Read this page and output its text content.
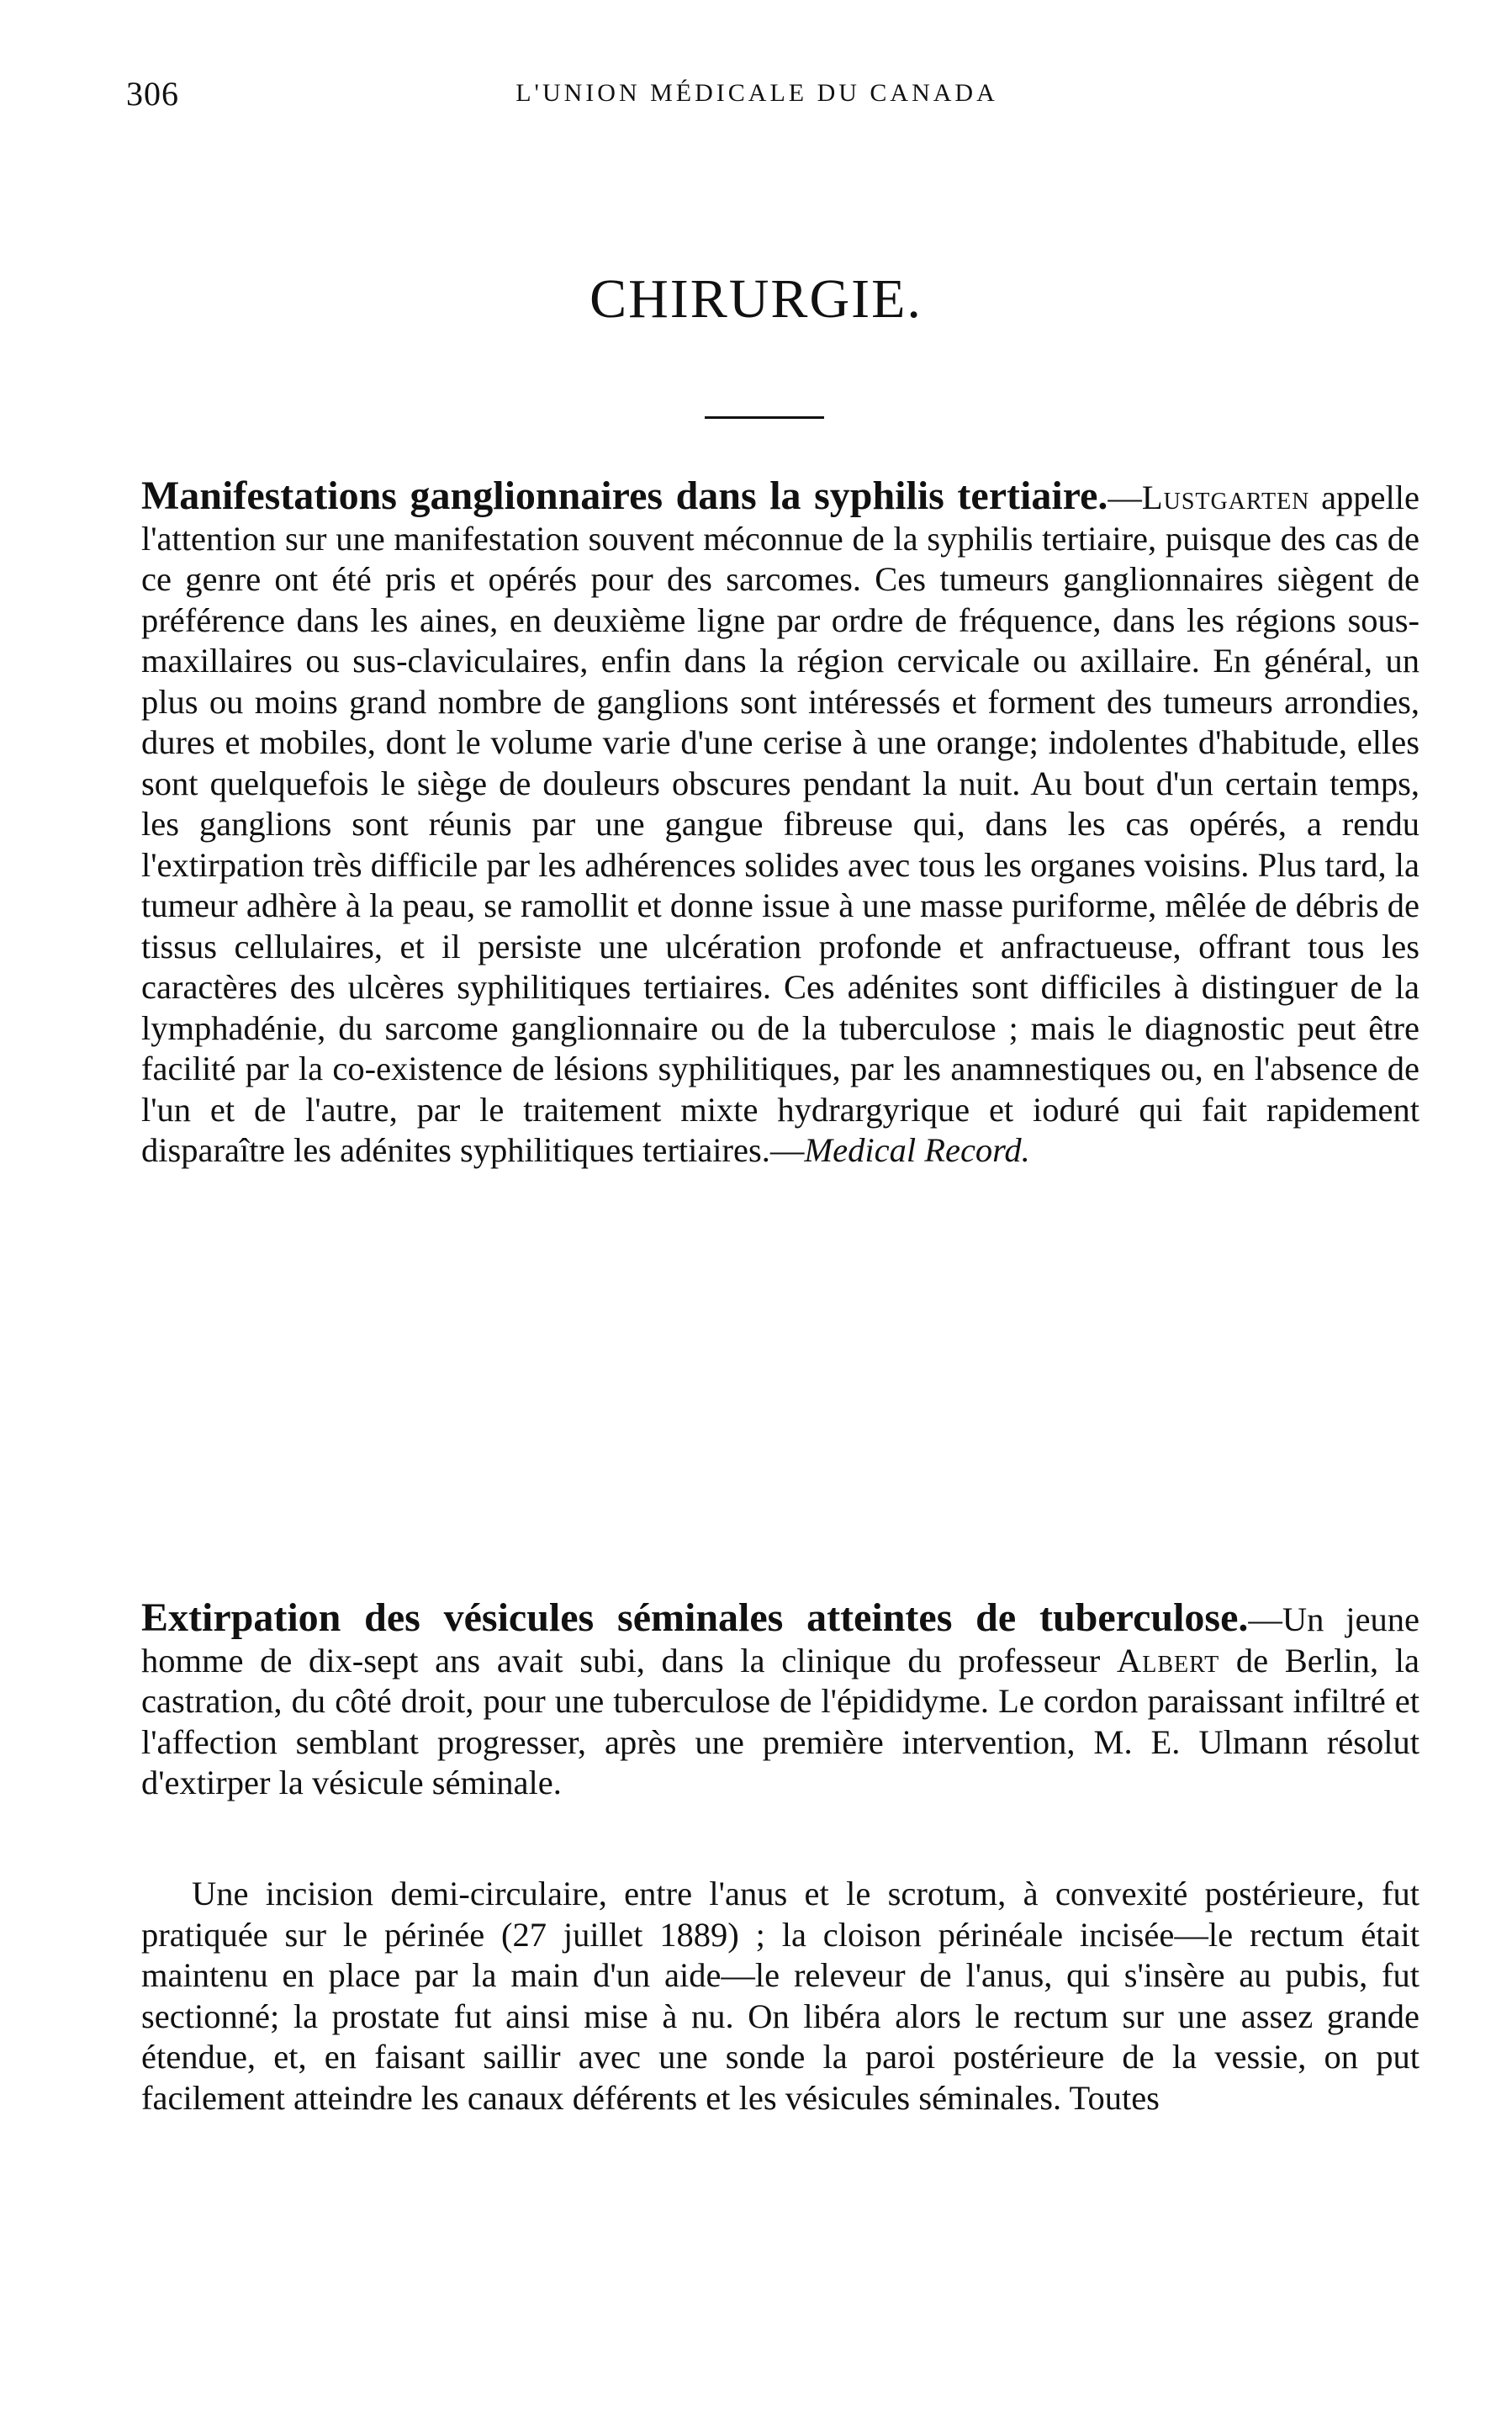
306	L'UNION MÉDICALE DU CANADA
CHIRURGIE.

Manifestations ganglionnaires dans la syphilis tertiaire.—Lustgarten appelle l'attention sur une manifestation souvent méconnue de la syphilis tertiaire, puisque des cas de ce genre ont été pris et opérés pour des sarcomes. Ces tumeurs ganglionnaires siègent de préférence dans les aines, en deuxième ligne par ordre de fréquence, dans les régions sous-maxillaires ou sus-claviculaires, enfin dans la région cervicale ou axillaire. En général, un plus ou moins grand nombre de ganglions sont intéressés et forment des tumeurs arrondies, dures et mobiles, dont le volume varie d'une cerise à une orange; indolentes d'habitude, elles sont quelquefois le siège de douleurs obscures pendant la nuit. Au bout d'un certain temps, les ganglions sont réunis par une gangue fibreuse qui, dans les cas opérés, a rendu l'extirpation très difficile par les adhérences solides avec tous les organes voisins. Plus tard, la tumeur adhère à la peau, se ramollit et donne issue à une masse puriforme, mêlée de débris de tissus cellulaires, et il persiste une ulcération profonde et anfractueuse, offrant tous les caractères des ulcères syphilitiques tertiaires. Ces adénites sont difficiles à distinguer de la lymphadénie, du sarcome ganglionnaire ou de la tuberculose ; mais le diagnostic peut être facilité par la co-existence de lésions syphilitiques, par les anamnestiques ou, en l'absence de l'un et de l'autre, par le traitement mixte hydrargyrique et ioduré qui fait rapidement disparaître les adénites syphilitiques tertiaires.—Medical Record.

Extirpation des vésicules séminales atteintes de tuberculose.—Un jeune homme de dix-sept ans avait subi, dans la clinique du professeur Albert de Berlin, la castration, du côté droit, pour une tuberculose de l'épididyme. Le cordon paraissant infiltré et l'affection semblant progresser, après une première intervention, M. E. Ulmann résolut d'extirper la vésicule séminale.

Une incision demi-circulaire, entre l'anus et le scrotum, à convexité postérieure, fut pratiquée sur le périnée (27 juillet 1889) ; la cloison périnéale incisée—le rectum était maintenu en place par la main d'un aide—le releveur de l'anus, qui s'insère au pubis, fut sectionné; la prostate fut ainsi mise à nu. On libéra alors le rectum sur une assez grande étendue, et, en faisant saillir avec une sonde la paroi postérieure de la vessie, on put facilement atteindre les canaux déférents et les vésicules séminales. Toutes
